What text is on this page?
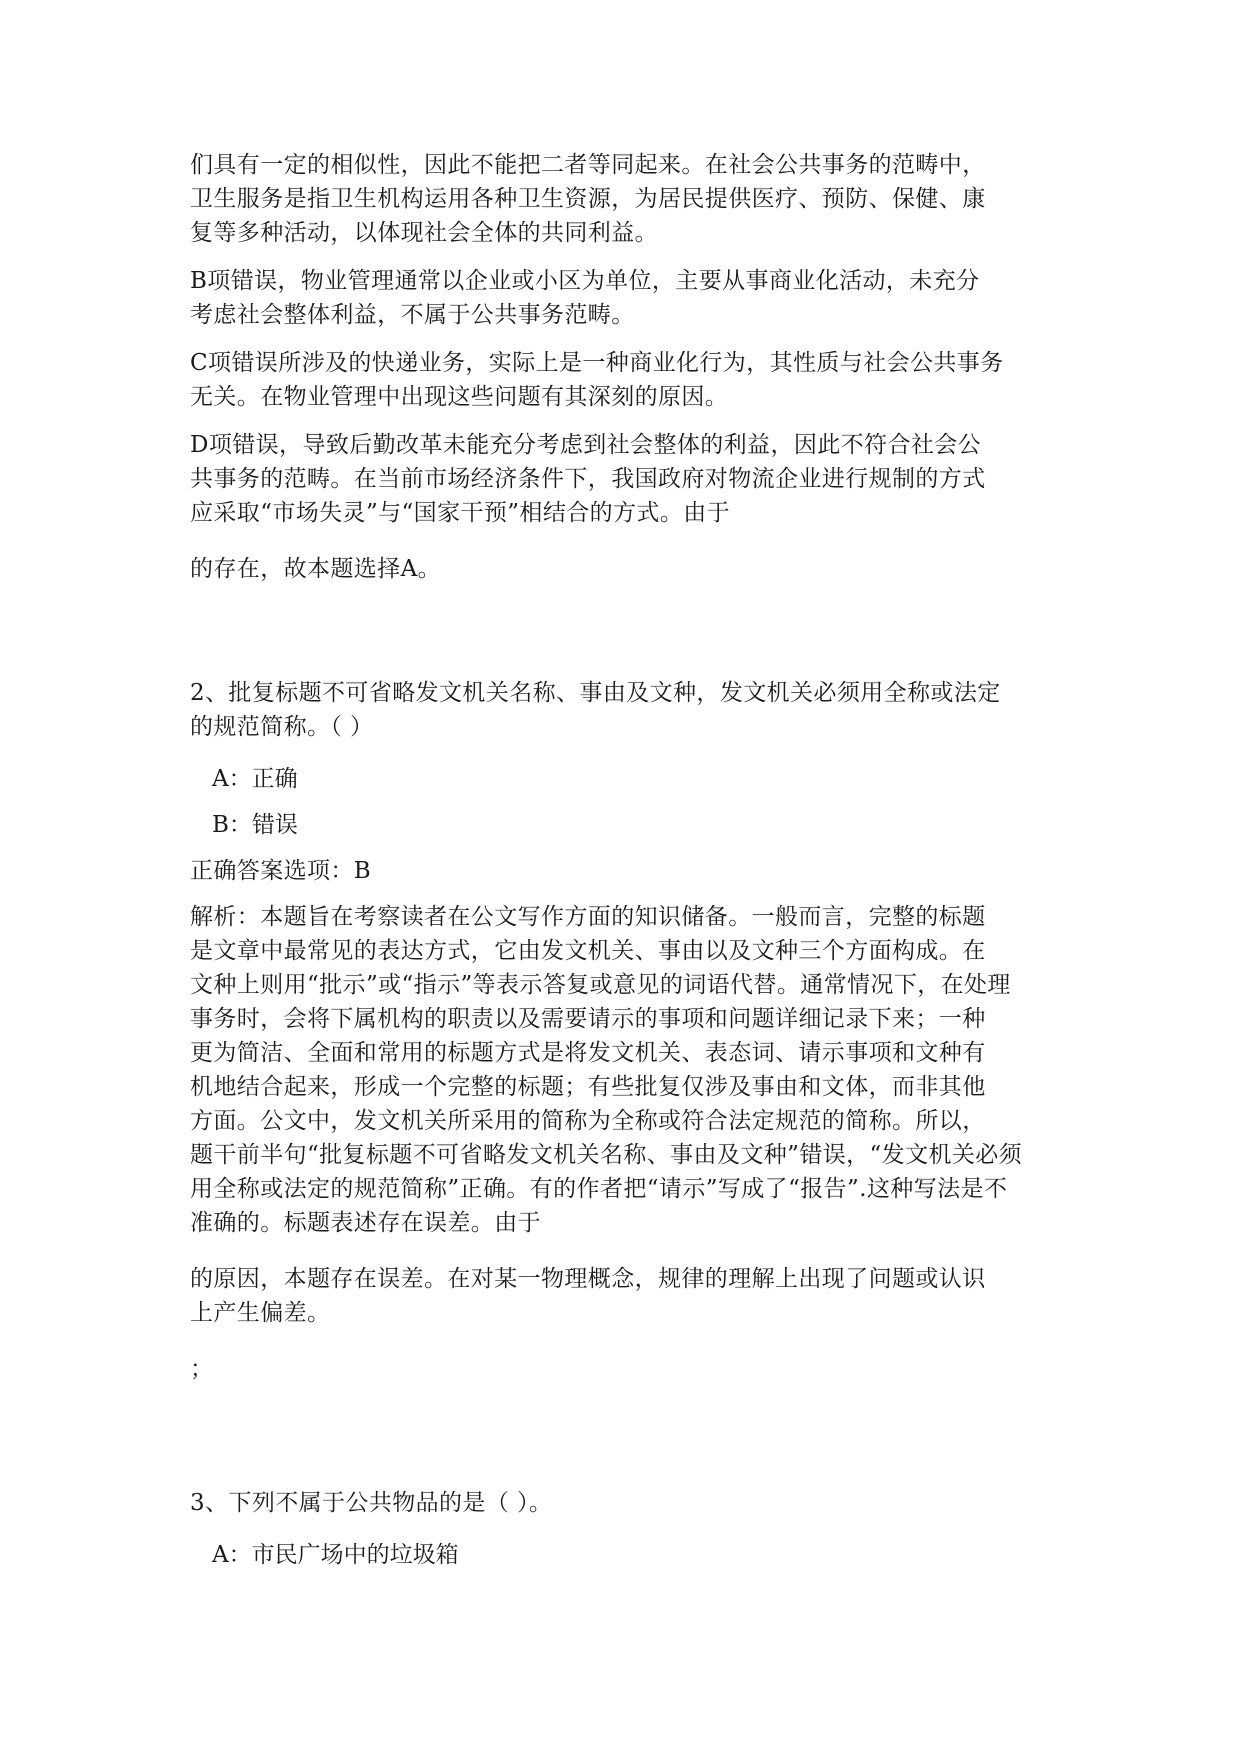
们具有一定的相似性，因此不能把二者等同起来。在社会公共事务的范畴中，
卫生服务是指卫生机构运用各种卫生资源，为居民提供医疗、预防、保健、康
复等多种活动，以体现社会全体的共同利益。

B项错误，物业管理通常以企业或小区为单位，主要从事商业化活动，未充分
考虑社会整体利益，不属于公共事务范畴。

C项错误所涉及的快递业务，实际上是一种商业化行为，其性质与社会公共事务
无关。在物业管理中出现这些问题有其深刻的原因。

D项错误，导致后勤改革未能充分考虑到社会整体的利益，因此不符合社会公
共事务的范畴。在当前市场经济条件下，我国政府对物流企业进行规制的方式
应采取“市场失灵”与“国家干预”相结合的方式。由于

的存在，故本题选择A。

2、批复标题不可省略发文机关名称、事由及文种，发文机关必须用全称或法定
的规范简称。（ ）

A：正确

B：错误

正确答案选项：B

解析：本题旨在考察读者在公文写作方面的知识储备。一般而言，完整的标题
是文章中最常见的表达方式，它由发文机关、事由以及文种三个方面构成。在
文种上则用“批示”或“指示”等表示答复或意见的词语代替。通常情况下，在处理
事务时，会将下属机构的职责以及需要请示的事项和问题详细记录下来；一种
更为简洁、全面和常用的标题方式是将发文机关、表态词、请示事项和文种有
机地结合起来，形成一个完整的标题；有些批复仅涉及事由和文体，而非其他
方面。公文中，发文机关所采用的简称为全称或符合法定规范的简称。所以，
题干前半句“批复标题不可省略发文机关名称、事由及文种”错误，“发文机关必须
用全称或法定的规范简称”正确。有的作者把“请示”写成了“报告”.这种写法是不
准确的。标题表述存在误差。由于

的原因，本题存在误差。在对某一物理概念，规律的理解上出现了问题或认识
上产生偏差。

；

3、下列不属于公共物品的是（ ）。

A：市民广场中的垃圾箱
